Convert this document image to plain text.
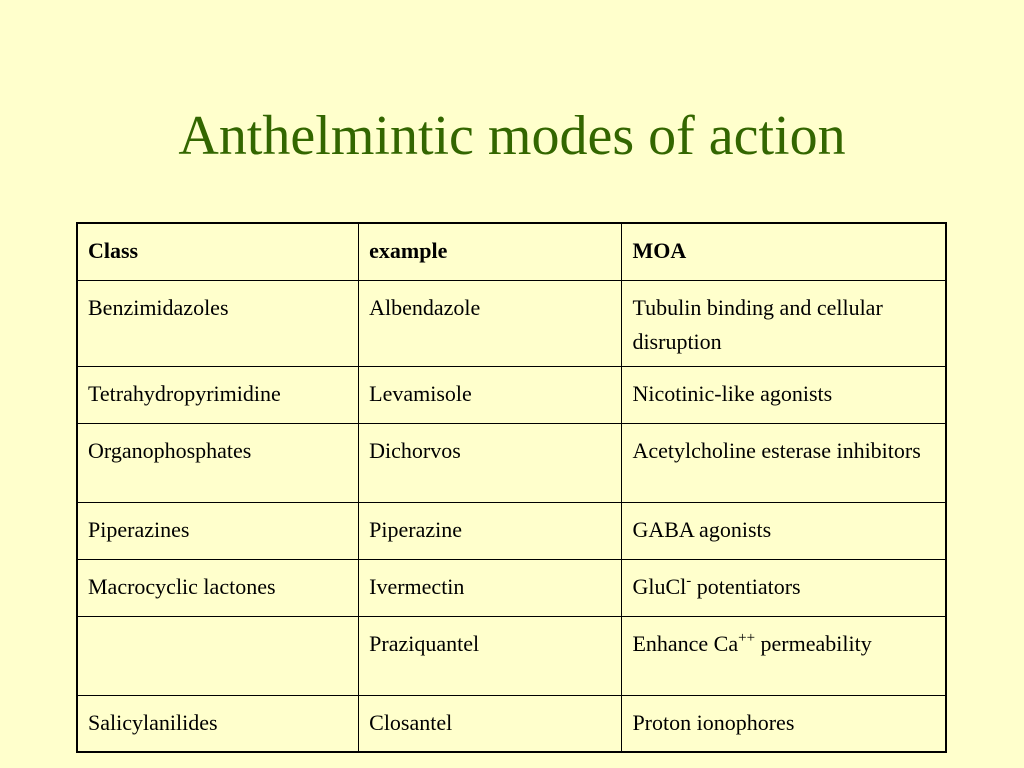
Anthelmintic modes of action
Class	example	MOA
Benzimidazoles	Albendazole	Tubulin binding and cellular disruption
Tetrahydropyrimidine	Levamisole	Nicotinic-like agonists
Organophosphates	Dichorvos	Acetylcholine esterase inhibitors
Piperazines	Piperazine	GABA agonists
Macrocyclic lactones	Ivermectin	GluCl- potentiators
	Praziquantel	Enhance Ca++ permeability
Salicylanilides	Closantel	Proton ionophores
